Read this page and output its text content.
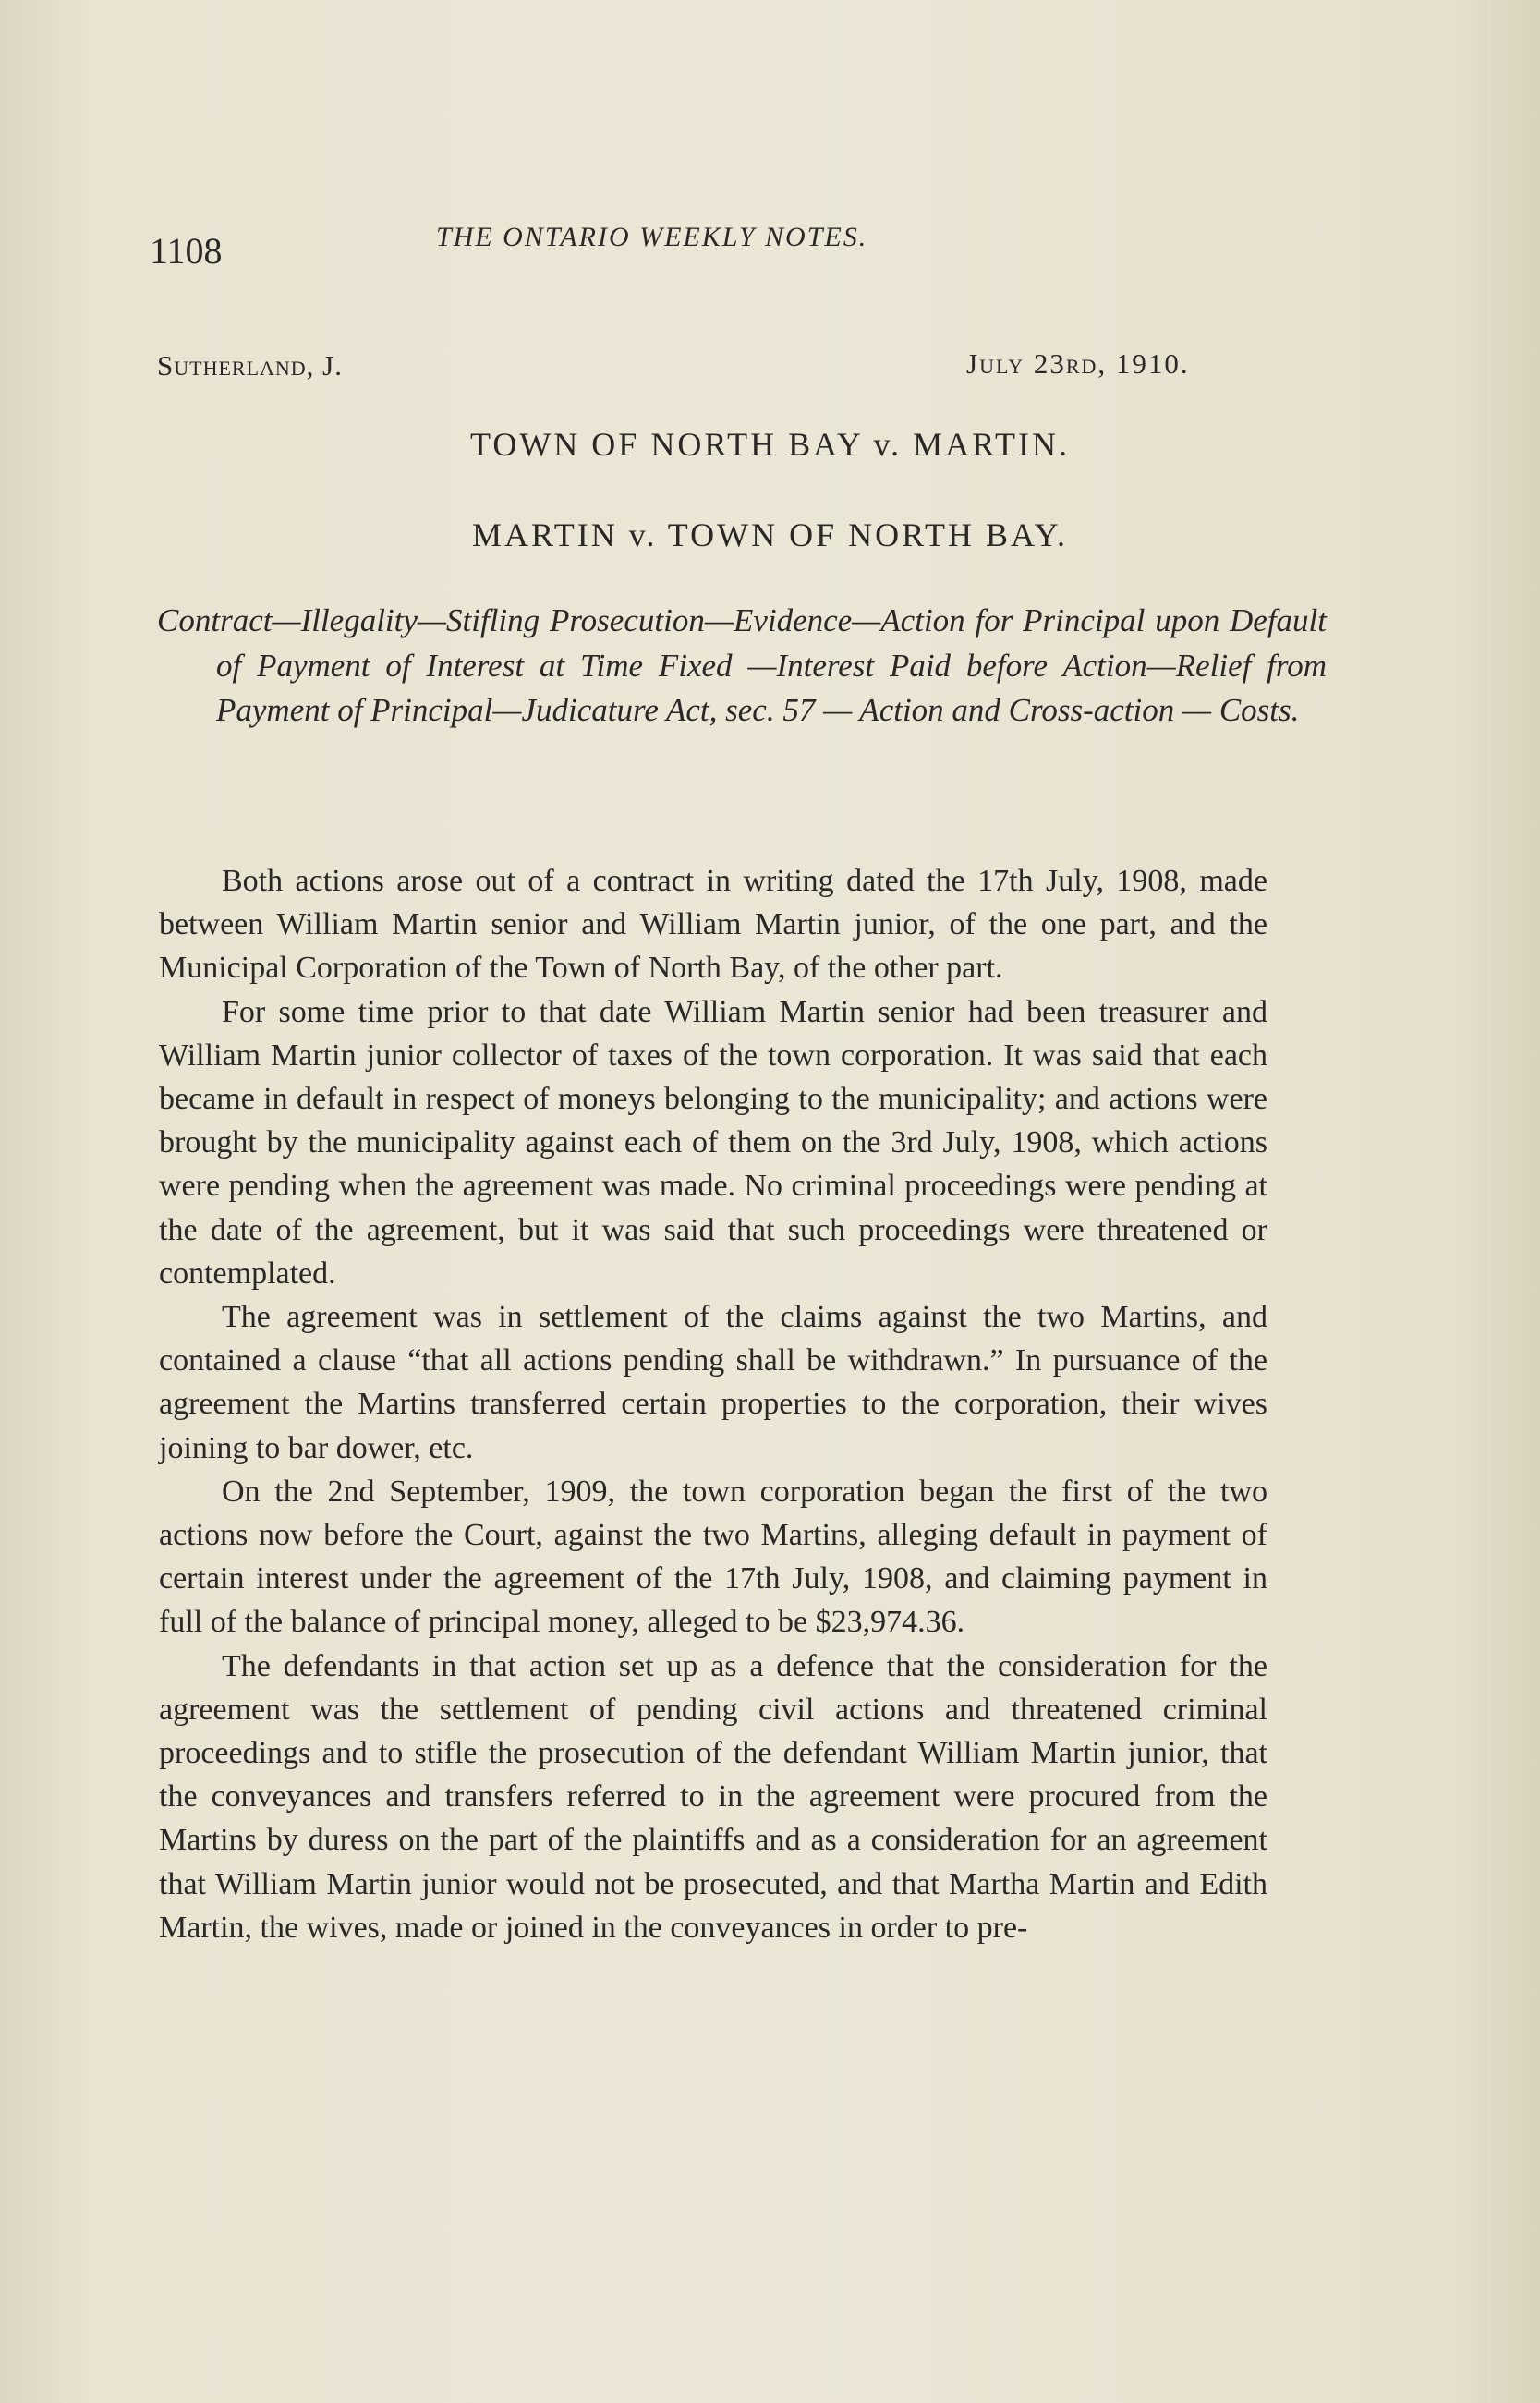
1108	THE ONTARIO WEEKLY NOTES.
Sutherland, J.	July 23rd, 1910.
TOWN OF NORTH BAY v. MARTIN.
MARTIN v. TOWN OF NORTH BAY.
Contract—Illegality—Stifling Prosecution—Evidence—Action for Principal upon Default of Payment of Interest at Time Fixed —Interest Paid before Action—Relief from Payment of Principal—Judicature Act, sec. 57 — Action and Cross-action — Costs.

Both actions arose out of a contract in writing dated the 17th July, 1908, made between William Martin senior and William Martin junior, of the one part, and the Municipal Corporation of the Town of North Bay, of the other part.

For some time prior to that date William Martin senior had been treasurer and William Martin junior collector of taxes of the town corporation. It was said that each became in default in respect of moneys belonging to the municipality; and actions were brought by the municipality against each of them on the 3rd July, 1908, which actions were pending when the agreement was made. No criminal proceedings were pending at the date of the agreement, but it was said that such proceedings were threatened or contemplated.

The agreement was in settlement of the claims against the two Martins, and contained a clause “that all actions pending shall be withdrawn.” In pursuance of the agreement the Martins transferred certain properties to the corporation, their wives joining to bar dower, etc.

On the 2nd September, 1909, the town corporation began the first of the two actions now before the Court, against the two Martins, alleging default in payment of certain interest under the agreement of the 17th July, 1908, and claiming payment in full of the balance of principal money, alleged to be $23,974.36.

The defendants in that action set up as a defence that the consideration for the agreement was the settlement of pending civil actions and threatened criminal proceedings and to stifle the prosecution of the defendant William Martin junior, that the conveyances and transfers referred to in the agreement were procured from the Martins by duress on the part of the plaintiffs and as a consideration for an agreement that William Martin junior would not be prosecuted, and that Martha Martin and Edith Martin, the wives, made or joined in the conveyances in order to pre-
